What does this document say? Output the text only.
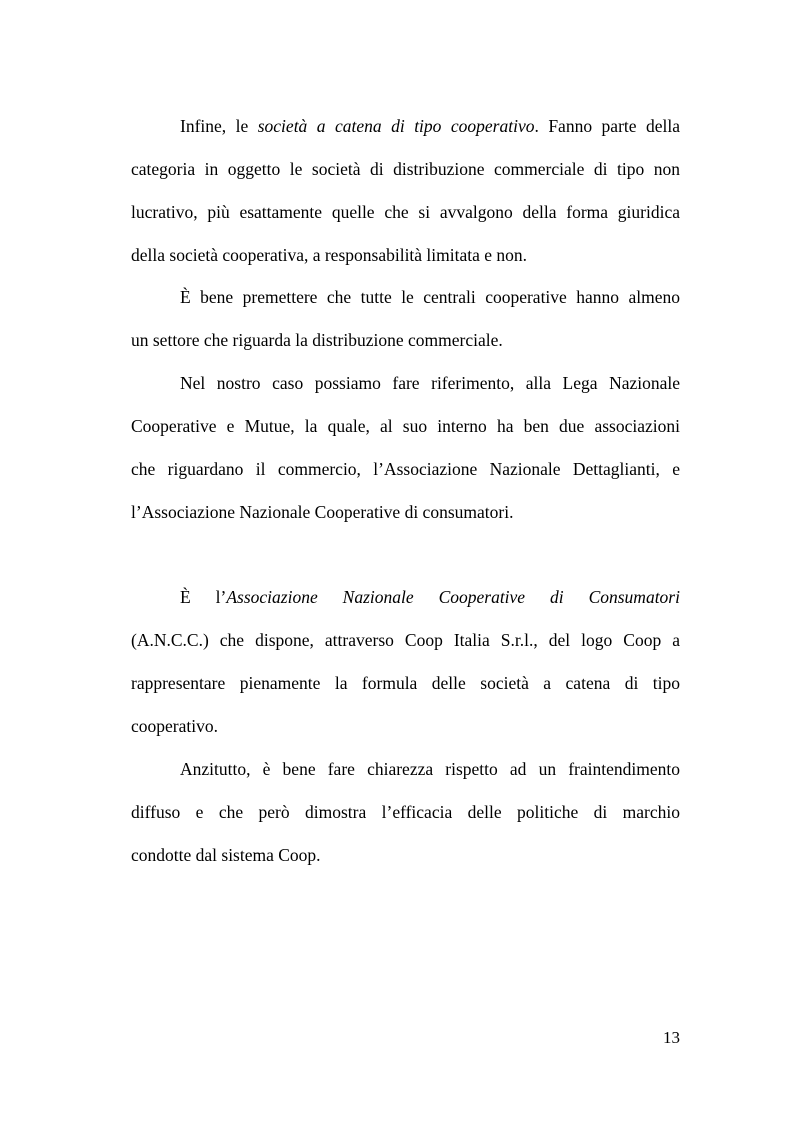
Infine, le società a catena di tipo cooperativo. Fanno parte della
categoria in oggetto le società di distribuzione commerciale di tipo non
lucrativo, più esattamente quelle che si avvalgono della forma giuridica
della società cooperativa, a responsabilità limitata e non.
È bene premettere che tutte le centrali cooperative hanno almeno
un settore che riguarda la distribuzione commerciale.
Nel nostro caso possiamo fare riferimento, alla Lega Nazionale
Cooperative e Mutue, la quale, al suo interno ha ben due associazioni
che riguardano il commercio, l’Associazione Nazionale Dettaglianti, e
l’Associazione Nazionale Cooperative di consumatori.
È l’Associazione Nazionale Cooperative di Consumatori
(A.N.C.C.) che dispone, attraverso Coop Italia S.r.l., del logo Coop a
rappresentare pienamente la formula delle società a catena di tipo
cooperativo.
Anzitutto, è bene fare chiarezza rispetto ad un fraintendimento
diffuso e che però dimostra l’efficacia delle politiche di marchio
condotte dal sistema Coop.
13
